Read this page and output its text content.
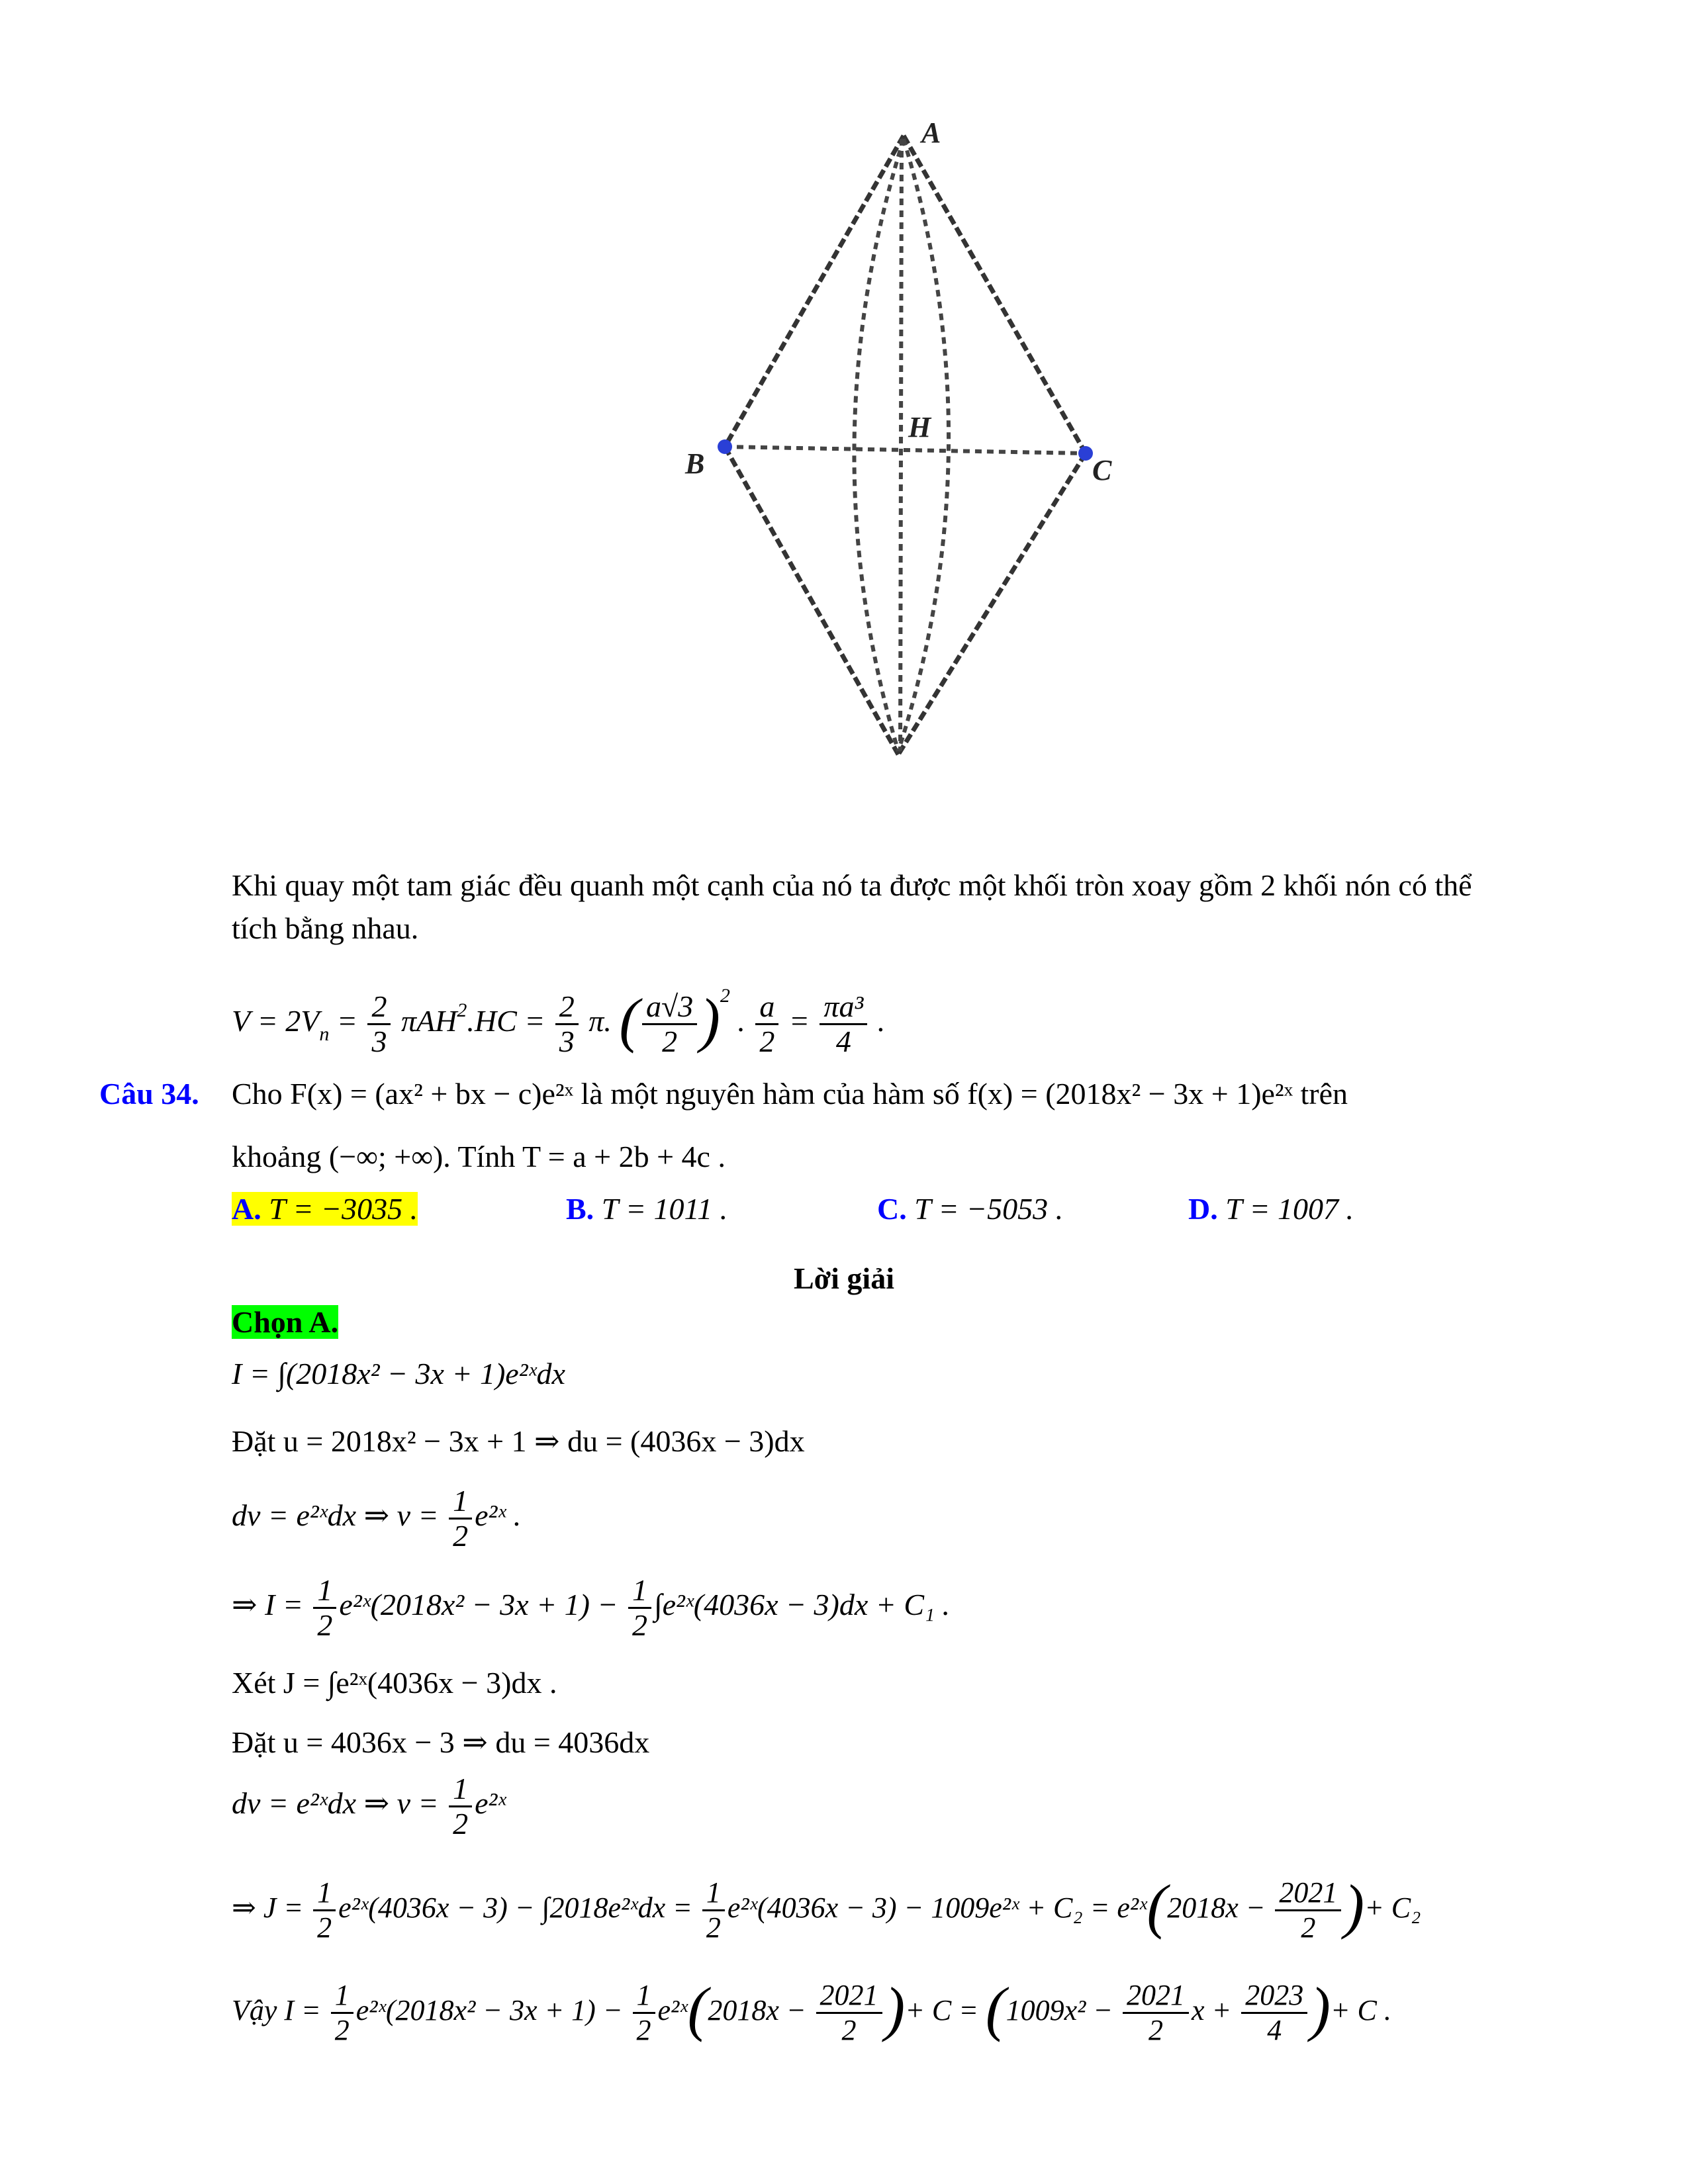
A
B	C
H
Khi quay một tam giác đều quanh một cạnh của nó ta được một khối tròn xoay gồm 2 khối nón có thể
tích bằng nhau.
$V = 2V_n = \frac{2}{3} \pi AH^2.HC = \frac{2}{3} \pi$. ( $\frac{a√3}{2} )^2$ . $\frac{a}{2} = \frac{\text{πa³}}{4}$ .
Câu 34. Cho F(x) = (ax² + bx − c)e²ˣ là một nguyên hàm của hàm số f(x) = (2018x² − 3x + 1)e²ˣ trên
khoảng (−∞; +∞). Tính T = a + 2b + 4c .
A. T = −3035 .	B. T = 1011 .	C. T = −5053 .	D. T = 1007 .
Lời giải
Chọn A.
I = ∫(2018x² − 3x + 1)e²ˣdx
Đặt u = 2018x² − 3x + 1 ⇒ du = (4036x − 3)dx
dv = e²ˣdx ⇒ $v = \frac{1}{2}$ e²ˣ .
⇒ $I = \frac{1}{2}$ e²ˣ(2018x² − $3x + 1) - \frac{1}{2}$ ∫e²ˣ(4036x − 3)dx + C₁ .
Xét J = ∫e²ˣ(4036x − 3)dx .
Đặt u = 4036x − 3 ⇒ du = 4036dx
dv = e²ˣdx ⇒ $v = \frac{1}{2}$ e²ˣ
⇒ $J = \frac{1}{2}$ e²ˣ(4036x − 3) − ∫2018e²ˣdx = $\frac{1}{2}$ e²ˣ(4036x − 3) − 1009e²ˣ + C₂ = e²ˣ(2018x − $\frac{2021}{2}$ )+ C₂
Vậy $I = \frac{1}{2}$ e²ˣ(2018x² − $3x + 1) - \frac{1}{2}$ e²ˣ(2018x − $\frac{2021}{2}$ )+ $C = (1009x^2 - \frac{2021}{2}$ $x + \frac{2023}{4}$ )+ C .
